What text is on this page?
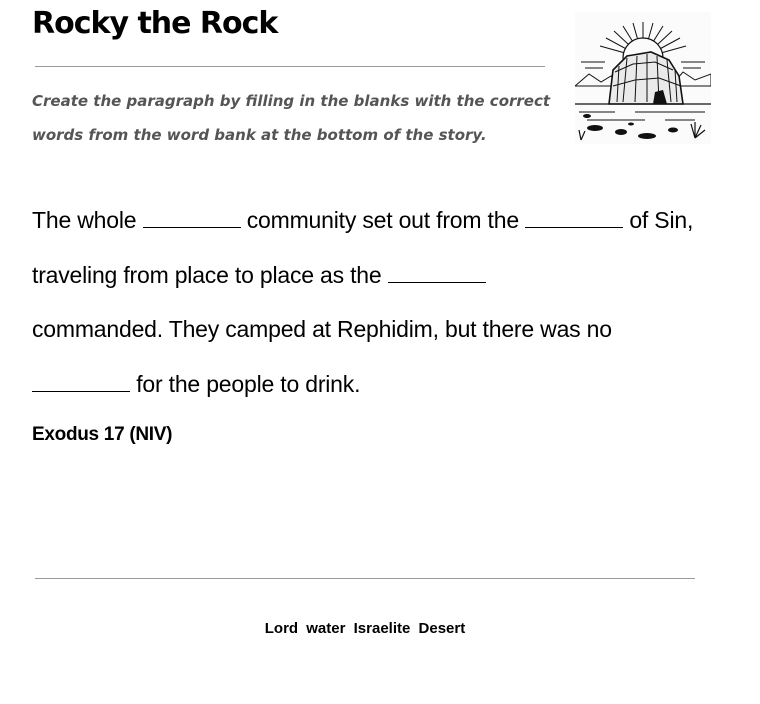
Rocky the Rock
Create the paragraph by filling in the blanks with the correct words from the word bank at the bottom of the story.

The whole	community set out from the	of Sin, traveling from place to place as the
commanded. They camped at Rephidim, but there was no
for the people to drink.

Exodus 17 (NIV)

Lord water Israelite Desert
